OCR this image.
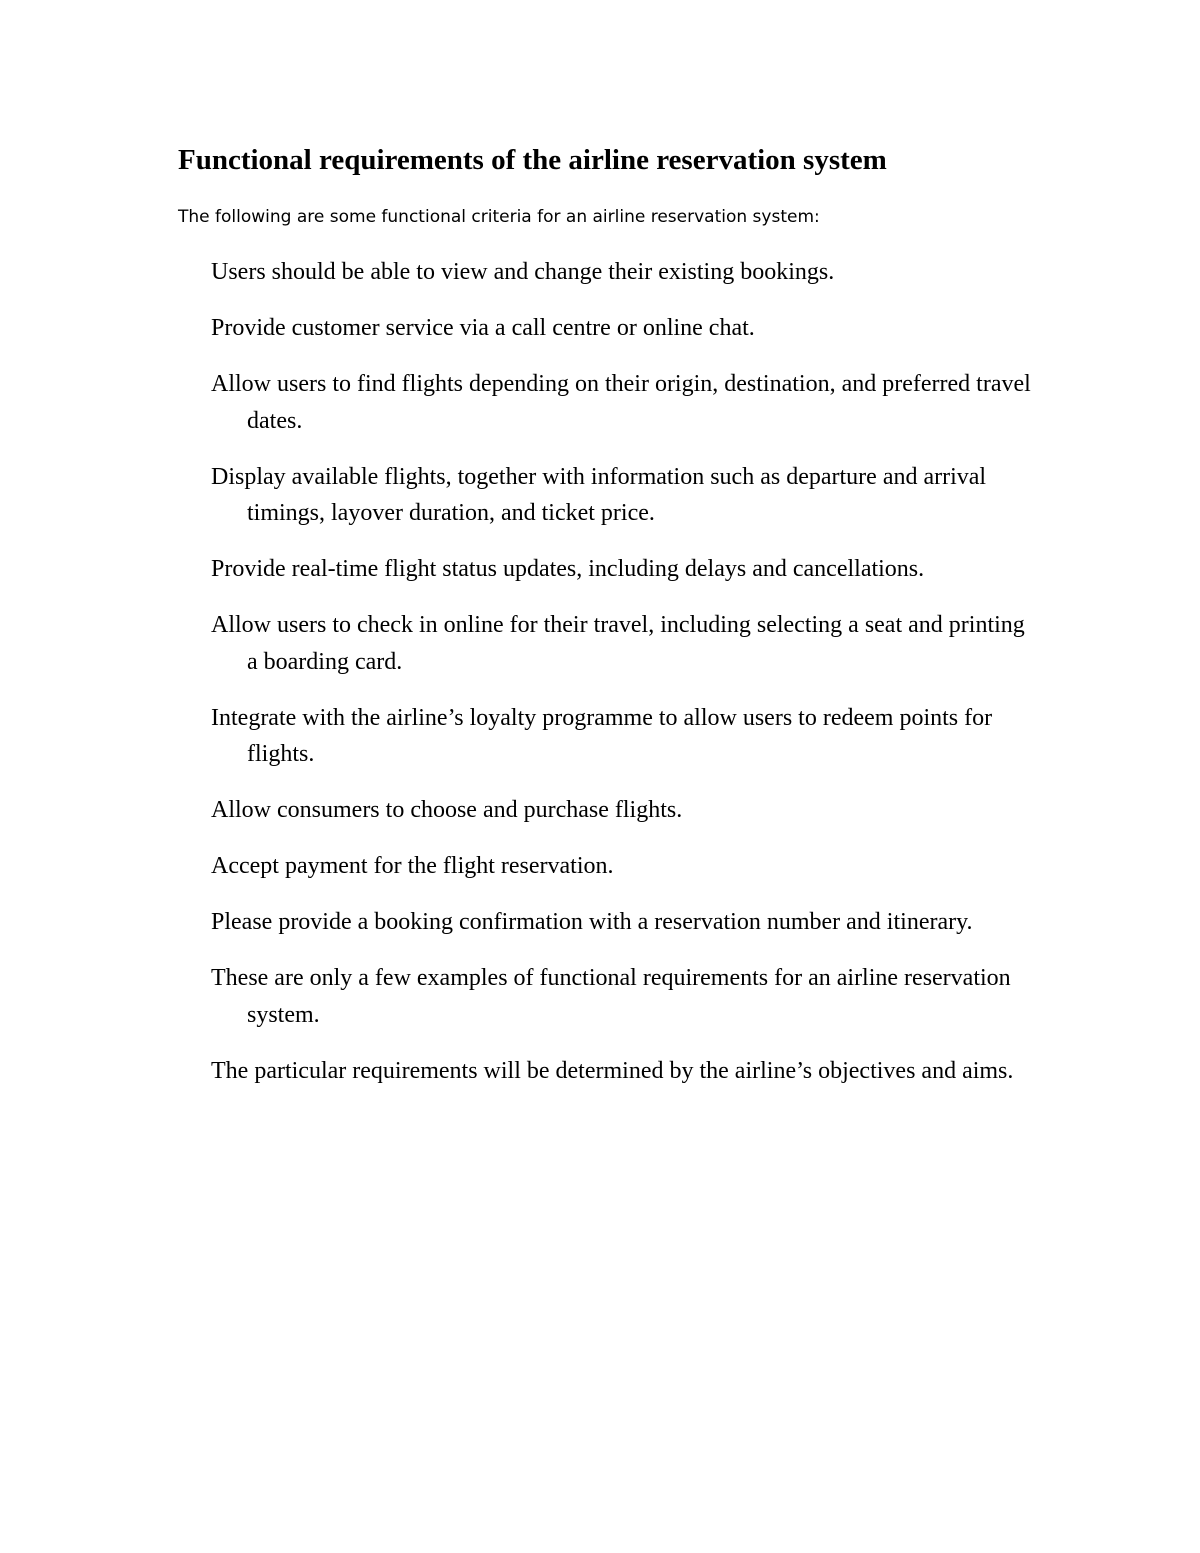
Functional requirements of the airline reservation system

The following are some functional criteria for an airline reservation system:

Users should be able to view and change their existing bookings.
Provide customer service via a call centre or online chat.
Allow users to find flights depending on their origin, destination, and preferred travel dates.
Display available flights, together with information such as departure and arrival timings, layover duration, and ticket price.
Provide real-time flight status updates, including delays and cancellations.
Allow users to check in online for their travel, including selecting a seat and printing a boarding card.
Integrate with the airline’s loyalty programme to allow users to redeem points for flights.
Allow consumers to choose and purchase flights.
Accept payment for the flight reservation.
Please provide a booking confirmation with a reservation number and itinerary.
These are only a few examples of functional requirements for an airline reservation system.
The particular requirements will be determined by the airline’s objectives and aims.
